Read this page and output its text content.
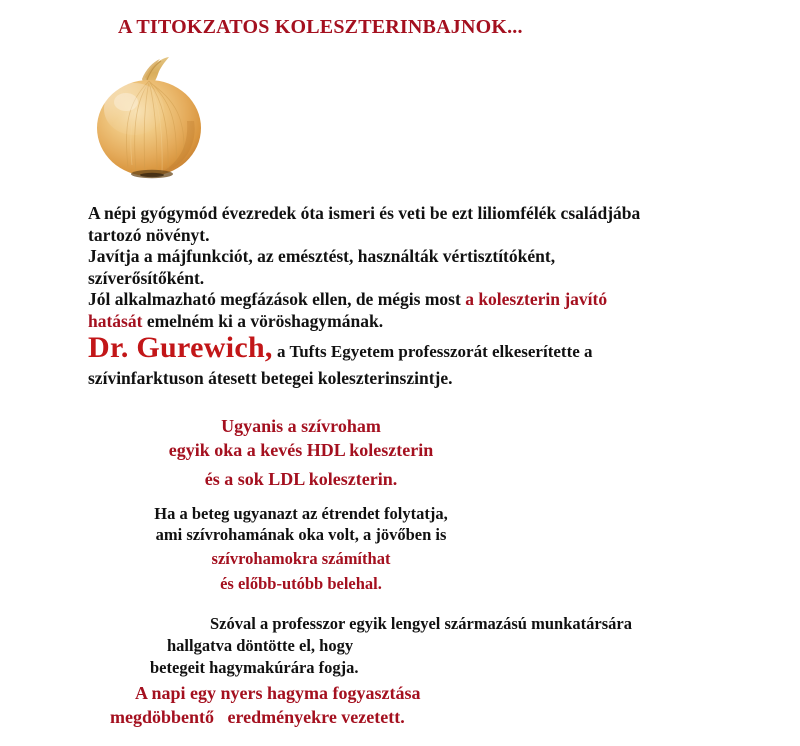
A TITOKZATOS KOLESZTERINBAJNOK...

A népi gyógymód évezredek óta ismeri és veti be ezt liliomfélék családjába

tartozó növényt.

Javítja a májfunkciót, az emésztést, használták vértisztítóként,

szíverősítőként.

Jól alkalmazható megfázások ellen, de mégis most a koleszterin javító

hatását emelném ki a vöröshagymának.

Dr. Gurewich, a Tufts Egyetem professzorát elkeserítette a
szívinfarktuson átesett betegei koleszterinszintje.
Ugyanis a szívroham
egyik oka a kevés HDL koleszterin
és a sok LDL koleszterin.
Ha a beteg ugyanazt az étrendet folytatja,
ami szívrohamának oka volt, a jövőben is
szívrohamokra számíthat
és előbb-utóbb belehal.
Szóval a professzor egyik lengyel származású munkatársára
hallgatva döntötte el, hogy
betegeit hagymakúrára fogja.
A napi egy nyers hagyma fogyasztása
megdöbbentő   eredményekre vezetett.
